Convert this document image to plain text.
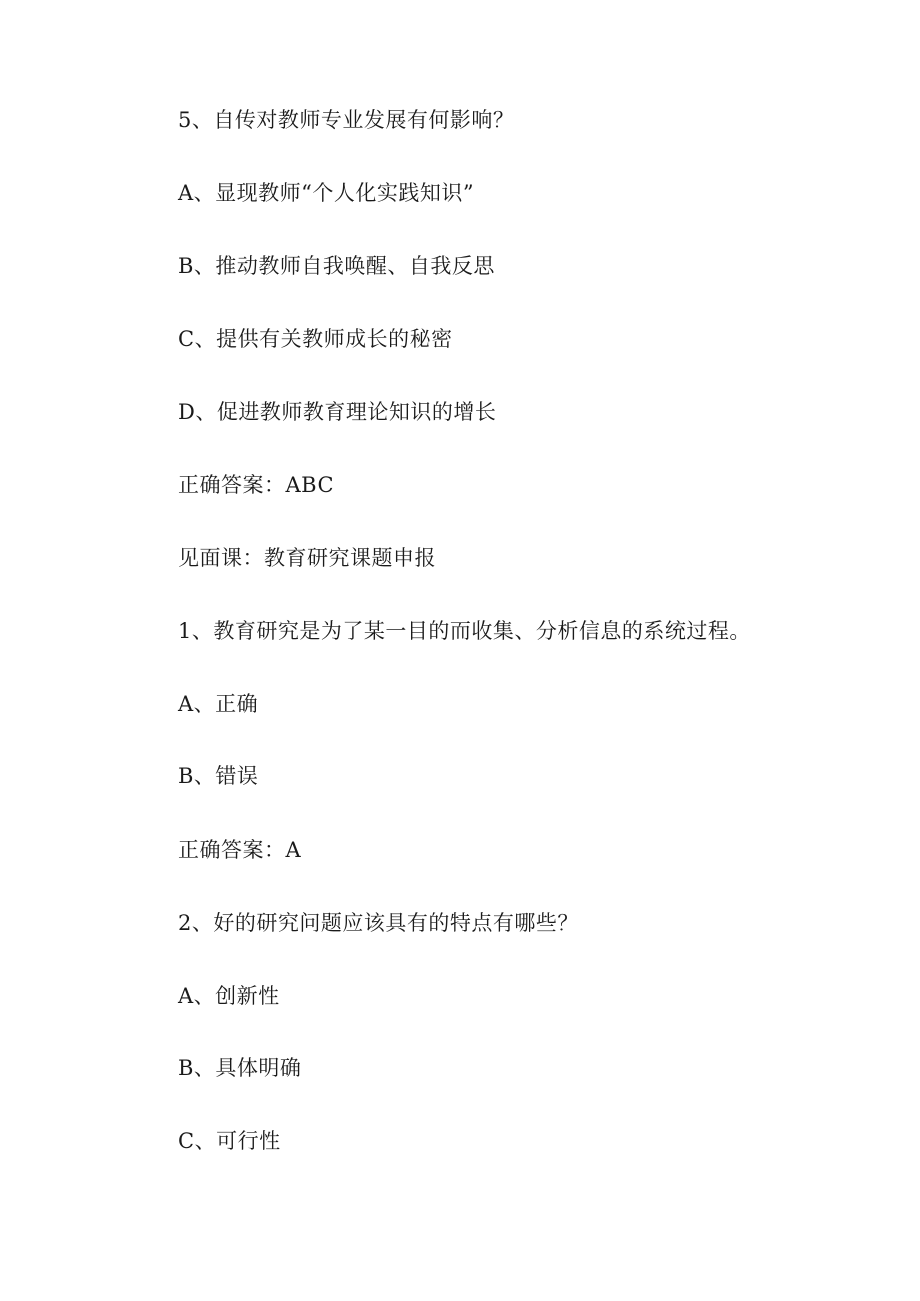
5、自传对教师专业发展有何影响？
A、显现教师“个人化实践知识”
B、推动教师自我唤醒、自我反思
C、提供有关教师成长的秘密
D、促进教师教育理论知识的增长
正确答案：ABC
见面课：教育研究课题申报
1、教育研究是为了某一目的而收集、分析信息的系统过程。
A、正确
B、错误
正确答案：A
2、好的研究问题应该具有的特点有哪些？
A、创新性
B、具体明确
C、可行性
